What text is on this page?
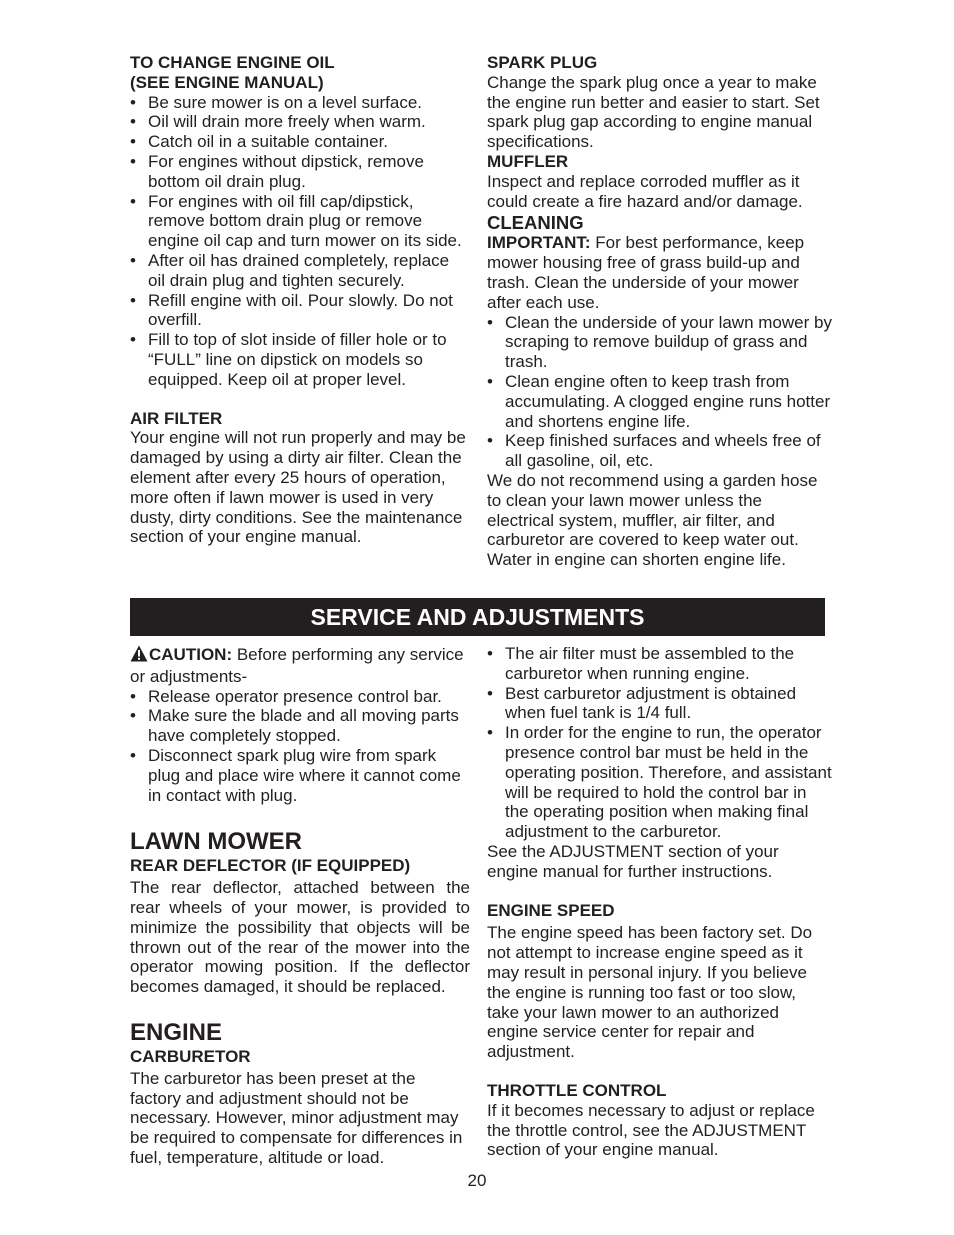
TO CHANGE ENGINE OIL
(SEE ENGINE MANUAL)
• Be sure mower is on a level surface.
• Oil will drain more freely when warm.
• Catch oil in a suitable container.
• For engines without dipstick, remove bottom oil drain plug.
• For engines with oil fill cap/dipstick, remove bottom drain plug or remove engine oil cap and turn mower on its side.
• After oil has drained completely, replace oil drain plug and tighten securely.
• Refill engine with oil. Pour slowly. Do not overfill.
• Fill to top of slot inside of filler hole or to “FULL” line on dipstick on models so equipped. Keep oil at proper level.
AIR FILTER

Your engine will not run properly and may be damaged by using a dirty air filter. Clean the element after every 25 hours of operation, more often if lawn mower is used in very dusty, dirty conditions. See the maintenance section of your engine manual.

SPARK PLUG

Change the spark plug once a year to make the engine run better and easier to start. Set spark plug gap according to engine manual specifications.

MUFFLER

Inspect and replace corroded muffler as it could create a fire hazard and/or damage.

CLEANING

IMPORTANT: For best performance, keep mower housing free of grass build-up and trash. Clean the underside of your mower after each use.

• Clean the underside of your lawn mower by scraping to remove buildup of grass and trash.
• Clean engine often to keep trash from accumulating. A clogged engine runs hotter and shortens engine life.
• Keep finished surfaces and wheels free of all gasoline, oil, etc.

We do not recommend using a garden hose to clean your lawn mower unless the electrical system, muffler, air filter, and carburetor are covered to keep water out. Water in engine can shorten engine life.

SERVICE AND ADJUSTMENTS

CAUTION: Before performing any service or adjustments-

• Release operator presence control bar.
• Make sure the blade and all moving parts have completely stopped.
• Disconnect spark plug wire from spark plug and place wire where it cannot come in contact with plug.
LAWN MOWER
REAR DEFLECTOR (IF EQUIPPED)

The rear deflector, attached between the rear wheels of your mower, is provided to minimize the possibility that objects will be thrown out of the rear of the mower into the operator mowing position. If the deflector becomes damaged, it should be replaced.

ENGINE
CARBURETOR

The carburetor has been preset at the factory and adjustment should not be necessary. However, minor adjustment may be required to compensate for differences in fuel, temperature, altitude or load.

• The air filter must be assembled to the carburetor when running engine.
• Best carburetor adjustment is obtained when fuel tank is 1/4 full.
• In order for the engine to run, the operator presence control bar must be held in the operating position. Therefore, and assistant will be required to hold the control bar in the operating position when making final adjustment to the carburetor.

See the ADJUSTMENT section of your engine manual for further instructions.

ENGINE SPEED

The engine speed has been factory set. Do not attempt to increase engine speed as it may result in personal injury. If you believe the engine is running too fast or too slow, take your lawn mower to an authorized engine service center for repair and adjustment.

THROTTLE CONTROL

If it becomes necessary to adjust or replace the throttle control, see the ADJUSTMENT section of your engine manual.

20
